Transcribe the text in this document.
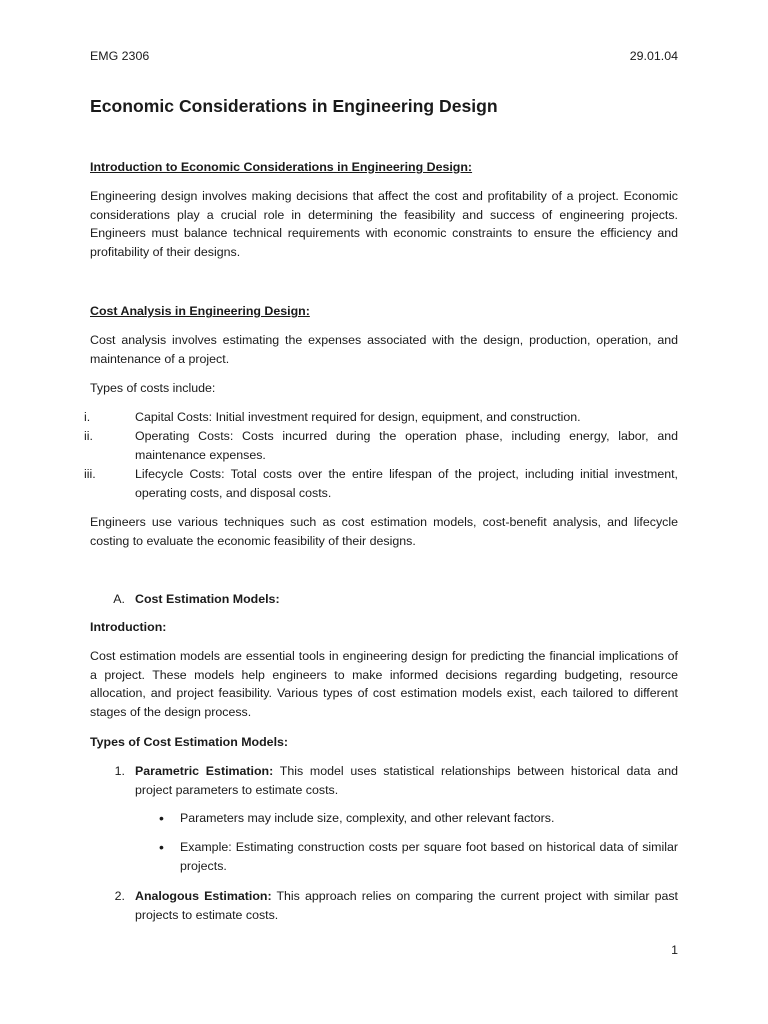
EMG 2306	29.01.04
Economic Considerations in Engineering Design
Introduction to Economic Considerations in Engineering Design:

Engineering design involves making decisions that affect the cost and profitability of a project. Economic considerations play a crucial role in determining the feasibility and success of engineering projects. Engineers must balance technical requirements with economic constraints to ensure the efficiency and profitability of their designs.

Cost Analysis in Engineering Design:

Cost analysis involves estimating the expenses associated with the design, production, operation, and maintenance of a project.

Types of costs include:

i.	Capital Costs: Initial investment required for design, equipment, and construction.
ii.	Operating Costs: Costs incurred during the operation phase, including energy, labor, and maintenance expenses.
iii.	Lifecycle Costs: Total costs over the entire lifespan of the project, including initial investment, operating costs, and disposal costs.

Engineers use various techniques such as cost estimation models, cost-benefit analysis, and lifecycle costing to evaluate the economic feasibility of their designs.

A. Cost Estimation Models:
Introduction:

Cost estimation models are essential tools in engineering design for predicting the financial implications of a project. These models help engineers to make informed decisions regarding budgeting, resource allocation, and project feasibility. Various types of cost estimation models exist, each tailored to different stages of the design process.

Types of Cost Estimation Models:
1. Parametric Estimation: This model uses statistical relationships between historical data and project parameters to estimate costs.
•	Parameters may include size, complexity, and other relevant factors.
•	Example: Estimating construction costs per square foot based on historical data of similar projects.
2. Analogous Estimation: This approach relies on comparing the current project with similar past projects to estimate costs.
1
